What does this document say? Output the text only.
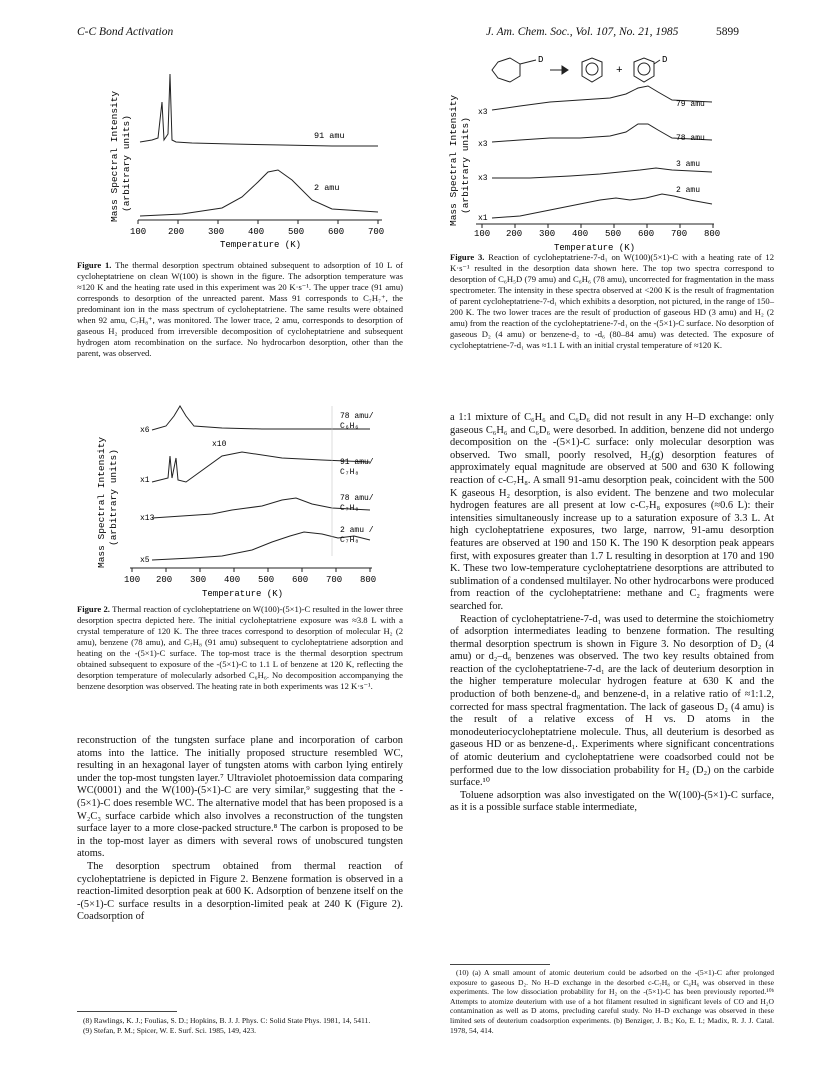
C-C Bond Activation	J. Am. Chem. Soc., Vol. 107, No. 21, 1985	5899
Mass Spectral Intensity (arbitrary units)
100 200	300	400	500	600	700
Temperature (K)
91 amu
2 amu

Figure 1. The thermal desorption spectrum obtained subsequent to adsorption of 10 L of cycloheptatriene on clean W(100) is shown in the figure. The adsorption temperature was ≈120 K and the heating rate used in this experiment was 20 K·s⁻¹. The upper trace (91 amu) corresponds to desorption of the unreacted parent. Mass 91 corresponds to C₇H₇⁺, the predominant ion in the mass spectrum of cycloheptatriene. The same results were obtained when 92 amu, C₇H₈⁺, was monitored. The lower trace, 2 amu, corresponds to desorption of gaseous H₂ produced from irreversible decomposition of cycloheptatriene and subsequent hydrogen atom recombination on the surface. No hydrocarbon desorption, other than the parent, was observed.

Mass Spectral Intensity (arbitrary units)
100 200 300 400 500 600 700 800
Temperature (K)
x6
x10
x1
x13
x5
78 amu/
C₆H₆
91 amu/
C₇H₈
78 amu/
C₇H₈
2 amu /
C₇H₈

Figure 2. Thermal reaction of cycloheptatriene on W(100)-(5×1)-C resulted in the lower three desorption spectra depicted here. The initial cycloheptatriene exposure was ≈3.8 L with a crystal temperature of 120 K. The three traces correspond to desorption of molecular H₂ (2 amu), benzene (78 amu), and C₇H₈ (91 amu) subsequent to cycloheptatriene adsorption and heating on the -(5×1)-C surface. The top-most trace is the thermal desorption spectrum obtained subsequent to exposure of the -(5×1)-C to 1.1 L of benzene at 120 K, reflecting the desorption temperature of molecularly adsorbed C₆H₆. No decomposition accompanying the benzene desorption was observed. The heating rate in both experiments was 12 K·s⁻¹.

reconstruction of the tungsten surface plane and incorporation of carbon atoms into the lattice. The initially proposed structure resembled WC, resulting in an hexagonal layer of tungsten atoms with carbon lying entirely under the top-most tungsten layer.⁷ Ultraviolet photoemission data comparing WC(0001) and the W(100)-(5×1)-C are very similar,⁹ suggesting that the -(5×1)-C does resemble WC. The alternative model that has been proposed is a W₂C₃ surface carbide which also involves a reconstruction of the tungsten surface layer to a more close-packed structure.⁸ The carbon is proposed to be in the top-most layer as dimers with several rows of unobscured tungsten atoms.

The desorption spectrum obtained from thermal reaction of cycloheptatriene is depicted in Figure 2. Benzene formation is observed in a reaction-limited desorption peak at 600 K. Adsorption of benzene itself on the -(5×1)-C surface results in a desorption-limited peak at 240 K (Figure 2). Coadsorption of

(8) Rawlings, K. J.; Foulias, S. D.; Hopkins, B. J. J. Phys. C: Solid State Phys. 1981, 14, 5411.

(9) Stefan, P. M.; Spicer, W. E. Surf. Sci. 1985, 149, 423.

D
+
D
Mass Spectral Intensity (arbitrary units)
100 200 300 400 500 600 700 800
Temperature (K)
x3
x3
x3
x1
79 amu
78 amu
3 amu
2 amu

Figure 3. Reaction of cycloheptatriene-7-d₁ on W(100)(5×1)-C with a heating rate of 12 K·s⁻¹ resulted in the desorption data shown here. The top two spectra correspond to desorption of C₆H₅D (79 amu) and C₆H₆ (78 amu), uncorrected for fragmentation in the mass spectrometer. The intensity in these spectra observed at <200 K is the result of fragmentation of parent cycloheptatriene-7-d₁ which exhibits a desorption, not pictured, in the range of 150–200 K. The two lower traces are the result of production of gaseous HD (3 amu) and H₂ (2 amu) from the reaction of the cycloheptatriene-7-d₁ on the -(5×1)-C surface. No desorption of gaseous D₂ (4 amu) or benzene-d₂ to -d₆ (80–84 amu) was detected. The exposure of cycloheptatriene-7-d₁ was ≈1.1 L with an initial crystal temperature of ≈120 K.

a 1:1 mixture of C₆H₆ and C₆D₆ did not result in any H–D exchange: only gaseous C₆H₆ and C₆D₆ were desorbed. In addition, benzene did not undergo decomposition on the -(5×1)-C surface: only molecular desorption was observed. Two small, poorly resolved, H₂(g) desorption features of approximately equal magnitude are observed at 500 and 630 K following reaction of c-C₇H₈. A small 91-amu desorption peak, coincident with the 500 K gaseous H₂ desorption, is also evident. The benzene and two molecular hydrogen features are all present at low c-C₇H₈ exposures (≈0.6 L): their intensities simultaneously increase up to a saturation exposure of 3.3 L. At high cycloheptatriene exposures, two large, narrow, 91-amu desorption features are observed at 190 and 150 K. The 190 K desorption peak appears first, with exposures greater than 1.7 L resulting in desorption at 170 and 190 K. These two low-temperature cycloheptatriene desorptions are attributed to sublimation of a condensed multilayer. No other hydrocarbons were produced from reaction of the cycloheptatriene: methane and C₂ fragments were searched for.

Reaction of cycloheptatriene-7-d₁ was used to determine the stoichiometry of adsorption intermediates leading to benzene formation. The resulting thermal desorption spectrum is shown in Figure 3. No desorption of D₂ (4 amu) or d₂–d₆ benzenes was observed. The two key results obtained from reaction of the cycloheptatriene-7-d₁ are the lack of deuterium desorption in the higher temperature molecular hydrogen feature at 630 K and the production of both benzene-d₀ and benzene-d₁ in a relative ratio of ≈1:1.2, corrected for mass spectral fragmentation. The lack of gaseous D₂ (4 amu) is the result of a relative excess of H vs. D atoms in the monodeuteriocycloheptatriene molecule. Thus, all deuterium is desorbed as gaseous HD or as benzene-d₁. Experiments where significant concentrations of atomic deuterium and cycloheptatriene were coadsorbed could not be performed due to the low dissociation probability for H₂ (D₂) on the carbide surface.¹⁰

Toluene adsorption was also investigated on the W(100)-(5×1)-C surface, as it is a possible surface stable intermediate,

(10) (a) A small amount of atomic deuterium could be adsorbed on the -(5×1)-C after prolonged exposure to gaseous D₂. No H–D exchange in the desorbed c-C₇H₈ or C₆H₆ was observed in these experiments. The low dissociation probability for H₂ on the -(5×1)-C has been previously reported.¹⁰ᵇ Attempts to atomize deuterium with use of a hot filament resulted in significant levels of CO and H₂O contamination as well as D atoms, precluding careful study. No H–D exchange was observed in these limited sets of deuterium coadsorption experiments. (b) Benziger, J. B.; Ko, E. I.; Madix, R. J. J. Catal. 1978, 54, 414.
